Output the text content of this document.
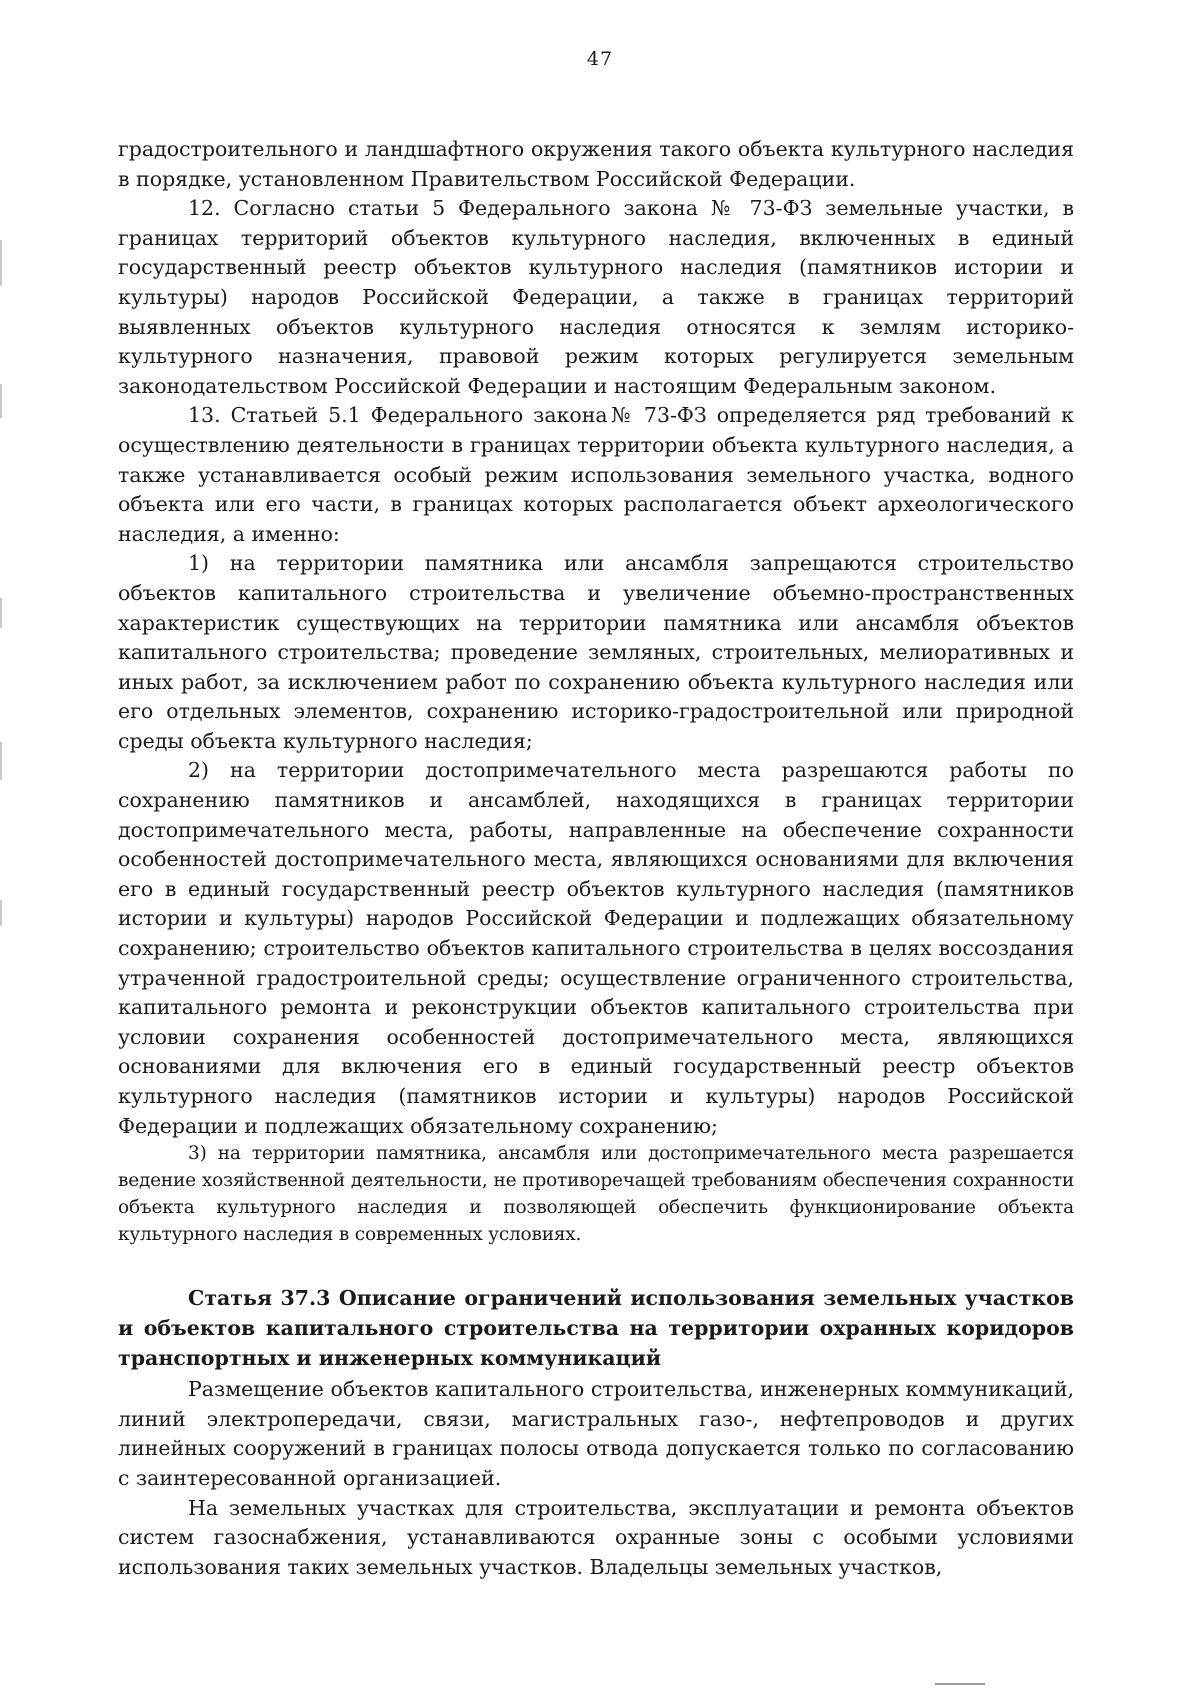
47

градостроительного и ландшафтного окружения такого объекта культурного наследия в порядке, установленном Правительством Российской Федерации.

12. Согласно статьи 5 Федерального закона № 73-ФЗ земельные участки, в границах территорий объектов культурного наследия, включенных в единый государственный реестр объектов культурного наследия (памятников истории и культуры) народов Российской Федерации, а также в границах территорий выявленных объектов культурного наследия относятся к землям историко-культурного назначения, правовой режим которых регулируется земельным законодательством Российской Федерации и настоящим Федеральным законом.

13. Статьей 5.1 Федерального закона№ 73-ФЗ определяется ряд требований к осуществлению деятельности в границах территории объекта культурного наследия, а также устанавливается особый режим использования земельного участка, водного объекта или его части, в границах которых располагается объект археологического наследия, а именно:

1) на территории памятника или ансамбля запрещаются строительство объектов капитального строительства и увеличение объемно-пространственных характеристик существующих на территории памятника или ансамбля объектов капитального строительства; проведение земляных, строительных, мелиоративных и иных работ, за исключением работ по сохранению объекта культурного наследия или его отдельных элементов, сохранению историко-градостроительной или природной среды объекта культурного наследия;

2) на территории достопримечательного места разрешаются работы по сохранению памятников и ансамблей, находящихся в границах территории достопримечательного места, работы, направленные на обеспечение сохранности особенностей достопримечательного места, являющихся основаниями для включения его в единый государственный реестр объектов культурного наследия (памятников истории и культуры) народов Российской Федерации и подлежащих обязательному сохранению; строительство объектов капитального строительства в целях воссоздания утраченной градостроительной среды; осуществление ограниченного строительства, капитального ремонта и реконструкции объектов капитального строительства при условии сохранения особенностей достопримечательного места, являющихся основаниями для включения его в единый государственный реестр объектов культурного наследия (памятников истории и культуры) народов Российской Федерации и подлежащих обязательному сохранению;

3) на территории памятника, ансамбля или достопримечательного места разрешается ведение хозяйственной деятельности, не противоречащей требованиям обеспечения сохранности объекта культурного наследия и позволяющей обеспечить функционирование объекта культурного наследия в современных условиях.

Статья 37.3 Описание ограничений использования земельных участков и объектов капитального строительства на территории охранных коридоров транспортных и инженерных коммуникаций

Размещение объектов капитального строительства, инженерных коммуникаций, линий электропередачи, связи, магистральных газо-, нефтепроводов и других линейных сооружений в границах полосы отвода допускается только по согласованию с заинтересованной организацией.

На земельных участках для строительства, эксплуатации и ремонта объектов систем газоснабжения, устанавливаются охранные зоны с особыми условиями использования таких земельных участков. Владельцы земельных участков,
